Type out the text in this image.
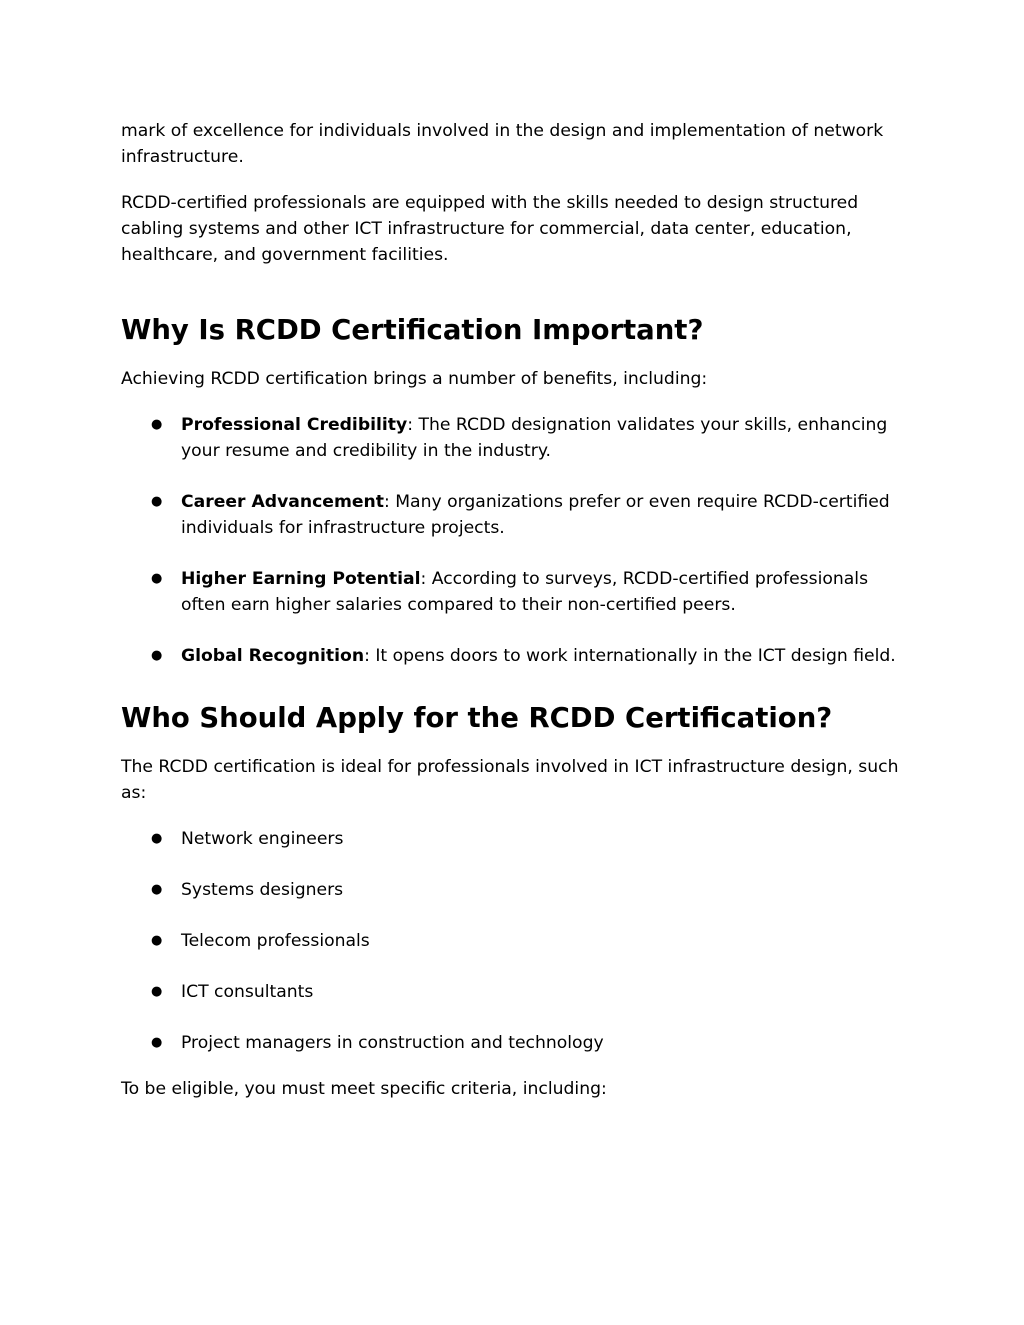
mark of excellence for individuals involved in the design and implementation of network infrastructure.

RCDD-certified professionals are equipped with the skills needed to design structured cabling systems and other ICT infrastructure for commercial, data center, education, healthcare, and government facilities.

Why Is RCDD Certification Important?

Achieving RCDD certification brings a number of benefits, including:

● Professional Credibility: The RCDD designation validates your skills, enhancing your resume and credibility in the industry.
● Career Advancement: Many organizations prefer or even require RCDD-certified individuals for infrastructure projects.
● Higher Earning Potential: According to surveys, RCDD-certified professionals often earn higher salaries compared to their non-certified peers.
● Global Recognition: It opens doors to work internationally in the ICT design field.
Who Should Apply for the RCDD Certification?

The RCDD certification is ideal for professionals involved in ICT infrastructure design, such as:

● Network engineers
● Systems designers
● Telecom professionals
● ICT consultants
● Project managers in construction and technology

To be eligible, you must meet specific criteria, including:
